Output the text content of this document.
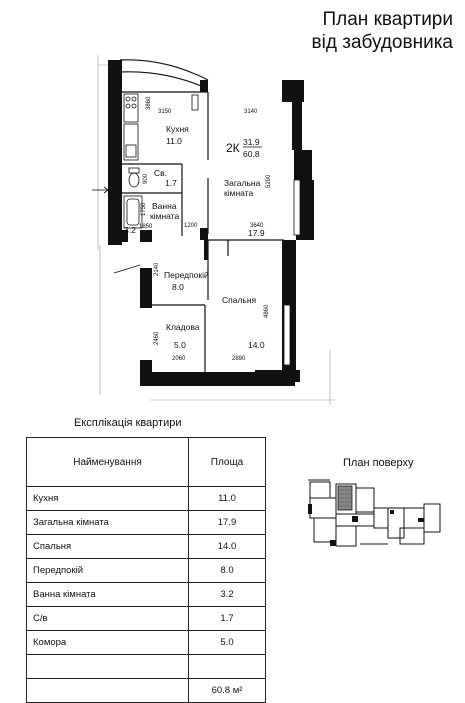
План квартири
від забудовника
Кухня
11.0
Св.
1.7
Ванна
кімната
3.2
2К 31.9
60.8
Загальна
кімната
17.9
Передпокій
8.0
Спальня
14.0
Кладова
5.0
3860
3150	3140
5290
900
1750
1850	1200	3640
2140
4860
2460
2060	2890
Експлікація квартири
Найменування	Площа
Кухня	11.0
Загальна кімната	17.9
Спальня	14.0
Передпокій	8.0
Ванна кімната	3.2
С/в	1.7
Комора	5.0

	60.8 м²
План поверху
